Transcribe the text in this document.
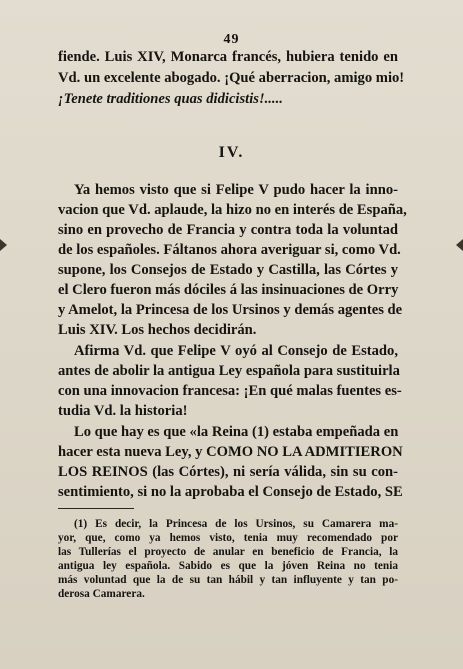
49
fiende. Luis XIV, Monarca francés, hubiera tenido en
Vd. un excelente abogado. ¡Qué aberracion, amigo mio!
¡Tenete traditiones quas didicistis!.....
IV.
Ya hemos visto que si Felipe V pudo hacer la inno-
vacion que Vd. aplaude, la hizo no en interés de España,
sino en provecho de Francia y contra toda la voluntad
de los españoles. Fáltanos ahora averiguar si, como Vd.
supone, los Consejos de Estado y Castilla, las Córtes y
el Clero fueron más dóciles á las insinuaciones de Orry
y Amelot, la Princesa de los Ursinos y demás agentes de
Luis XIV. Los hechos decidirán.
Afirma Vd. que Felipe V oyó al Consejo de Estado,
antes de abolir la antigua Ley española para sustituirla
con una innovacion francesa: ¡En qué malas fuentes es-
tudia Vd. la historia!
Lo que hay es que «la Reina (1) estaba empeñada en
hacer esta nueva Ley, y COMO NO LA ADMITIERON
LOS REINOS (las Córtes), ni sería válida, sin su con-
sentimiento, si no la aprobaba el Consejo de Estado, SE
(1) Es decir, la Princesa de los Ursinos, su Camarera ma-
yor, que, como ya hemos visto, tenia muy recomendado por
las Tullerías el proyecto de anular en beneficio de Francia, la
antigua ley española. Sabido es que la jóven Reina no tenia
más voluntad que la de su tan hábil y tan influyente y tan po-
derosa Camarera.
